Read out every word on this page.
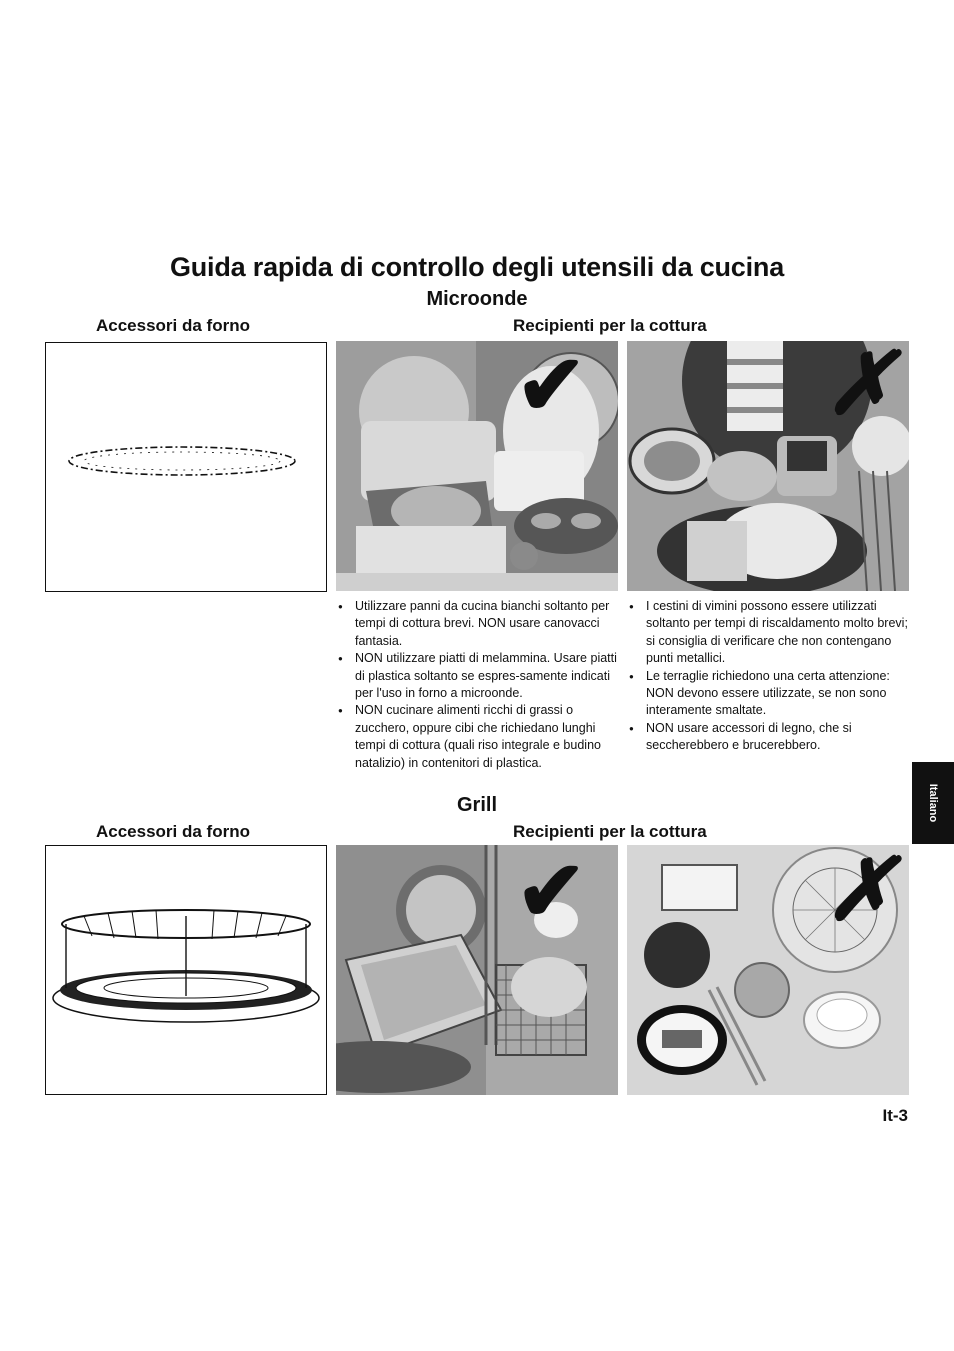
Guida rapida di controllo degli utensili da cucina
Microonde
Accessori da forno	Recipienti per la cottura
✔	✗
● Utilizzare panni da cucina bianchi soltanto per tempi di cottura brevi. NON usare canovacci fantasia.
● NON utilizzare piatti di melammina. Usare piatti di plastica soltanto se espres-samente indicati per l'uso in forno a microonde.
● NON cucinare alimenti ricchi di grassi o zucchero, oppure cibi che richiedano lunghi tempi di cottura (quali riso integrale e budino natalizio) in contenitori di plastica.
● I cestini di vimini possono essere utilizzati soltanto per tempi di riscaldamento molto brevi; si consiglia di verificare che non contengano punti metallici.
● Le terraglie richiedono una certa attenzione: NON devono essere utilizzate, se non sono interamente smaltate.
● NON usare accessori di legno, che si seccherebbero e brucerebbero.
Grill
Accessori da forno	Recipienti per la cottura
✔	✗
Italiano
It-3
